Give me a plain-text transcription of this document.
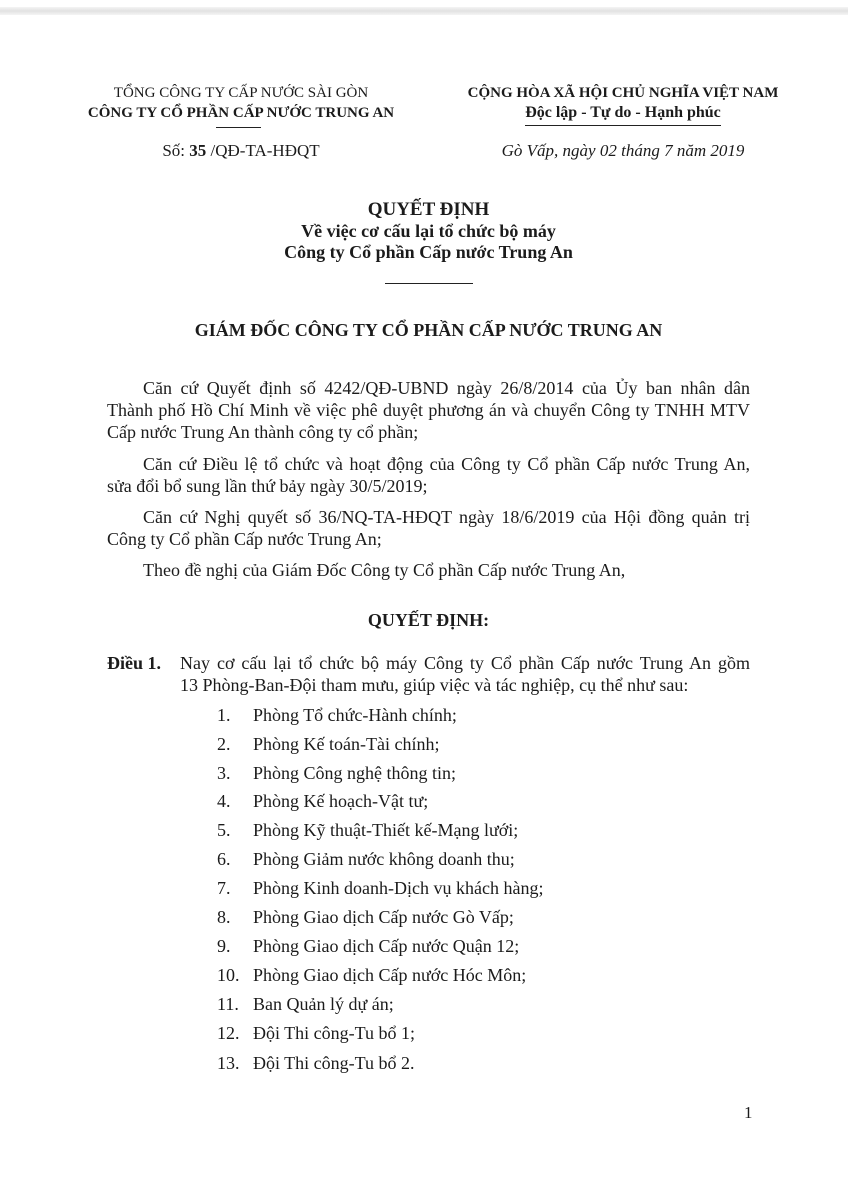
TỔNG CÔNG TY CẤP NƯỚC SÀI GÒN
CÔNG TY CỔ PHẦN CẤP NƯỚC TRUNG AN
Số: 35 /QĐ-TA-HĐQT
CỘNG HÒA XÃ HỘI CHỦ NGHĨA VIỆT NAM
Độc lập - Tự do - Hạnh phúc
Gò Vấp, ngày 02 tháng 7 năm 2019
QUYẾT ĐỊNH
Về việc cơ cấu lại tổ chức bộ máy
Công ty Cổ phần Cấp nước Trung An
GIÁM ĐỐC CÔNG TY CỔ PHẦN CẤP NƯỚC TRUNG AN
Căn cứ Quyết định số 4242/QĐ-UBND ngày 26/8/2014 của Ủy ban nhân dân
Thành phố Hồ Chí Minh về việc phê duyệt phương án và chuyển Công ty TNHH MTV
Cấp nước Trung An thành công ty cổ phần;
Căn cứ Điều lệ tổ chức và hoạt động của Công ty Cổ phần Cấp nước Trung An,
sửa đổi bổ sung lần thứ bảy ngày 30/5/2019;
Căn cứ Nghị quyết số 36/NQ-TA-HĐQT ngày 18/6/2019 của Hội đồng quản trị
Công ty Cổ phần Cấp nước Trung An;
Theo đề nghị của Giám Đốc Công ty Cổ phần Cấp nước Trung An,
QUYẾT ĐỊNH:
Điều 1. Nay cơ cấu lại tổ chức bộ máy Công ty Cổ phần Cấp nước Trung An gồm
13 Phòng-Ban-Đội tham mưu, giúp việc và tác nghiệp, cụ thể như sau:
1. Phòng Tổ chức-Hành chính;
2. Phòng Kế toán-Tài chính;
3. Phòng Công nghệ thông tin;
4. Phòng Kế hoạch-Vật tư;
5. Phòng Kỹ thuật-Thiết kế-Mạng lưới;
6. Phòng Giảm nước không doanh thu;
7. Phòng Kinh doanh-Dịch vụ khách hàng;
8. Phòng Giao dịch Cấp nước Gò Vấp;
9. Phòng Giao dịch Cấp nước Quận 12;
10. Phòng Giao dịch Cấp nước Hóc Môn;
11. Ban Quản lý dự án;
12. Đội Thi công-Tu bổ 1;
13. Đội Thi công-Tu bổ 2.
1
